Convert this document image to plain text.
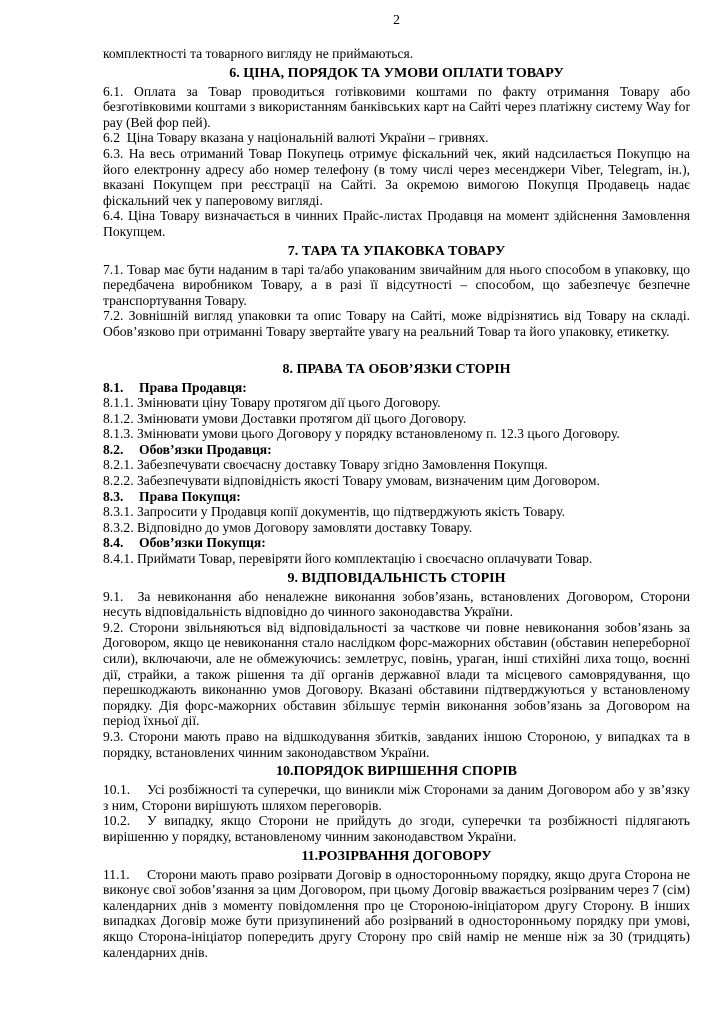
2

комплектності та товарного вигляду не приймаються.

6. ЦІНА, ПОРЯДОК ТА УМОВИ ОПЛАТИ ТОВАРУ

6.1. Оплата за Товар проводиться готівковими коштами по факту отримання Товару або безготівковими коштами з використанням банківських карт на Сайті через платіжну систему Way for pay (Вей фор пей).

6.2  Ціна Товару вказана у національній валюті України – гривнях.

6.3. На весь отриманий Товар Покупець отримує фіскальний чек, який надсилається Покупцю на його електронну адресу або номер телефону (в тому числі через месенджери Viber, Telegram, ін.), вказані Покупцем при реєстрації на Сайті. За окремою вимогою Покупця Продавець надає фіскальний чек у паперовому вигляді.

6.4. Ціна Товару визначається в чинних Прайс-листах Продавця на момент здійснення Замовлення Покупцем.

7. ТАРА ТА УПАКОВКА ТОВАРУ

7.1. Товар має бути наданим в тарі та/або упакованим звичайним для нього способом в упаковку, що передбачена виробником Товару, а в разі її відсутності – способом, що забезпечує безпечне транспортування Товару.

7.2. Зовнішній вигляд упаковки та опис Товару на Сайті, може відрізнятись від Товару на складі. Обов’язково при отриманні Товару звертайте увагу на реальний Товар та його упаковку, етикетку.

8. ПРАВА ТА ОБОВ’ЯЗКИ СТОРІН

8.1. Права Продавця:

8.1.1. Змінювати ціну Товару протягом дії цього Договору.

8.1.2. Змінювати умови Доставки протягом дії цього Договору.

8.1.3. Змінювати умови цього Договору у порядку встановленому п. 12.3 цього Договору.

8.2. Обов’язки Продавця:

8.2.1. Забезпечувати своєчасну доставку Товару згідно Замовлення Покупця.

8.2.2. Забезпечувати відповідність якості Товару умовам, визначеним цим Договором.

8.3. Права Покупця:

8.3.1. Запросити у Продавця копії документів, що підтверджують якість Товару.

8.3.2. Відповідно до умов Договору замовляти доставку Товару.

8.4. Обов’язки Покупця:

8.4.1. Приймати Товар, перевіряти його комплектацію і своєчасно оплачувати Товар.

9. ВІДПОВІДАЛЬНІСТЬ СТОРІН

9.1.  За невиконання або неналежне виконання зобов’язань, встановлених Договором, Сторони несуть відповідальність відповідно до чинного законодавства України.

9.2. Сторони звільняються від відповідальності за часткове чи повне невиконання зобов’язань за Договором, якщо це невиконання стало наслідком форс-мажорних обставин (обставин непереборної сили), включаючи, але не обмежуючись: землетрус, повінь, ураган, інші стихійні лиха тощо, воєнні дії, страйки, а також рішення та дії органів державної влади та місцевого самоврядування, що перешкоджають виконанню умов Договору. Вказані обставини підтверджуються у встановленому порядку. Дія форс-мажорних обставин збільшує термін виконання зобов’язань за Договором на період їхньої дії.

9.3. Сторони мають право на відшкодування збитків, завданих іншою Стороною, у випадках та в порядку, встановлених чинним законодавством України.

10.ПОРЯДОК ВИРІШЕННЯ СПОРІВ

10.1. Усі розбіжності та суперечки, що виникли між Сторонами за даним Договором або у зв’язку з ним, Сторони вирішують шляхом переговорів.

10.2. У випадку, якщо Сторони не прийдуть до згоди, суперечки та розбіжності підлягають вирішенню у порядку, встановленому чинним законодавством України.

11.РОЗІРВАННЯ ДОГОВОРУ

11.1. Сторони мають право розірвати Договір в односторонньому порядку, якщо друга Сторона не виконує свої зобов’язання за цим Договором, при цьому Договір вважається розірваним через 7 (сім) календарних днів з моменту повідомлення про це Стороною-ініціатором другу Сторону. В інших випадках Договір може бути призупинений або розірваний в односторонньому порядку при умові, якщо Сторона-ініціатор попередить другу Сторону про свій намір не менше ніж за 30 (тридцять) календарних днів.
